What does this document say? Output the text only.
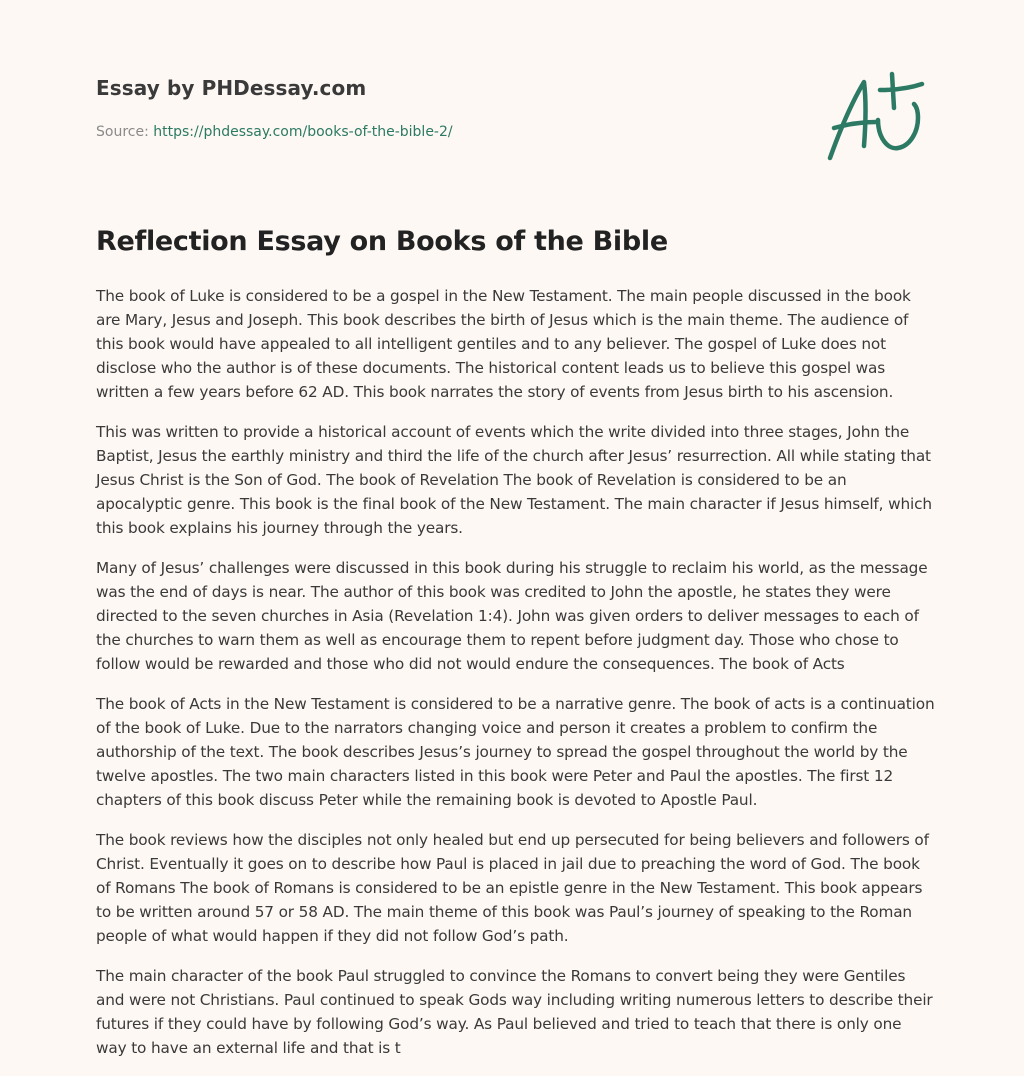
Essay by PHDessay.com
Source: https://phdessay.com/books-of-the-bible-2/
Reflection Essay on Books of the Bible

The book of Luke is considered to be a gospel in the New Testament. The main people discussed in the book are Mary, Jesus and Joseph. This book describes the birth of Jesus which is the main theme. The audience of this book would have appealed to all intelligent gentiles and to any believer. The gospel of Luke does not disclose who the author is of these documents. The historical content leads us to believe this gospel was written a few years before 62 AD. This book narrates the story of events from Jesus birth to his ascension.

This was written to provide a historical account of events which the write divided into three stages, John the Baptist, Jesus the earthly ministry and third the life of the church after Jesus’ resurrection. All while stating that Jesus Christ is the Son of God. The book of Revelation The book of Revelation is considered to be an apocalyptic genre. This book is the final book of the New Testament. The main character if Jesus himself, which this book explains his journey through the years.

Many of Jesus’ challenges were discussed in this book during his struggle to reclaim his world, as the message was the end of days is near. The author of this book was credited to John the apostle, he states they were directed to the seven churches in Asia (Revelation 1:4). John was given orders to deliver messages to each of the churches to warn them as well as encourage them to repent before judgment day. Those who chose to follow would be rewarded and those who did not would endure the consequences. The book of Acts

The book of Acts in the New Testament is considered to be a narrative genre. The book of acts is a continuation of the book of Luke. Due to the narrators changing voice and person it creates a problem to confirm the authorship of the text. The book describes Jesus’s journey to spread the gospel throughout the world by the twelve apostles. The two main characters listed in this book were Peter and Paul the apostles. The first 12 chapters of this book discuss Peter while the remaining book is devoted to Apostle Paul.

The book reviews how the disciples not only healed but end up persecuted for being believers and followers of Christ. Eventually it goes on to describe how Paul is placed in jail due to preaching the word of God. The book of Romans The book of Romans is considered to be an epistle genre in the New Testament. This book appears to be written around 57 or 58 AD. The main theme of this book was Paul’s journey of speaking to the Roman people of what would happen if they did not follow God’s path.

The main character of the book Paul struggled to convince the Romans to convert being they were Gentiles and were not Christians. Paul continued to speak Gods way including writing numerous letters to describe their futures if they could have by following God’s way. As Paul believed and tried to teach that there is only one way to have an external life and that is t
